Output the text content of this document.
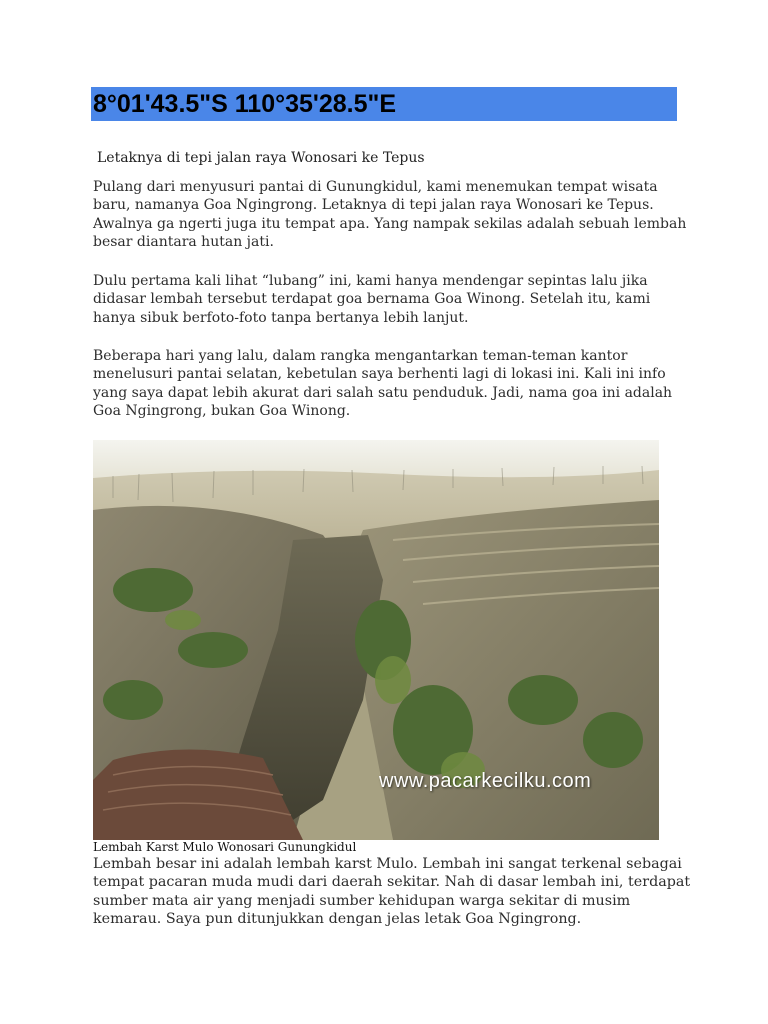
8°01'43.5"S 110°35'28.5"E
Letaknya di tepi jalan raya Wonosari ke Tepus

Pulang dari menyusuri pantai di Gunungkidul, kami menemukan tempat wisata baru, namanya Goa Ngingrong. Letaknya di tepi jalan raya Wonosari ke Tepus. Awalnya ga ngerti juga itu tempat apa. Yang nampak sekilas adalah sebuah lembah besar diantara hutan jati.

Dulu pertama kali lihat “lubang” ini, kami hanya mendengar sepintas lalu jika didasar lembah tersebut terdapat goa bernama Goa Winong. Setelah itu, kami hanya sibuk berfoto-foto tanpa bertanya lebih lanjut.

Beberapa hari yang lalu, dalam rangka mengantarkan teman-teman kantor menelusuri pantai selatan, kebetulan saya berhenti lagi di lokasi ini. Kali ini info yang saya dapat lebih akurat dari salah satu penduduk. Jadi, nama goa ini adalah Goa Ngingrong, bukan Goa Winong.

www.pacarkecilku.com
Lembah Karst Mulo Wonosari Gunungkidul

Lembah besar ini adalah lembah karst Mulo. Lembah ini sangat terkenal sebagai tempat pacaran muda mudi dari daerah sekitar. Nah di dasar lembah ini, terdapat sumber mata air yang menjadi sumber kehidupan warga sekitar di musim kemarau. Saya pun ditunjukkan dengan jelas letak Goa Ngingrong.
